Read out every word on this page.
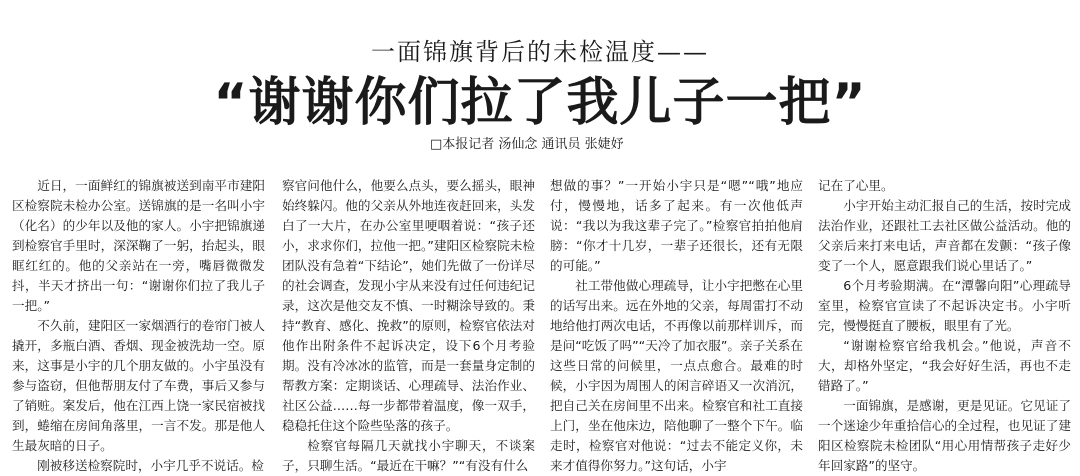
一面锦旗背后的未检温度——
“谢谢你们拉了我儿子一把”
□本报记者 汤仙念 通讯员 张婕妤

近日，一面鲜红的锦旗被送到南平市建阳区检察院未检办公室。送锦旗的是一名叫小宇（化名）的少年以及他的家人。小宇把锦旗递到检察官手里时，深深鞠了一躬，抬起头，眼眶红红的。他的父亲站在一旁，嘴唇微微发抖，半天才挤出一句：“谢谢你们拉了我儿子一把。”

不久前，建阳区一家烟酒行的卷帘门被人撬开，多瓶白酒、香烟、现金被洗劫一空。原来，这事是小宇的几个朋友做的。小宇虽没有参与盗窃，但他帮朋友付了车费，事后又参与了销赃。案发后，他在江西上饶一家民宿被找到，蜷缩在房间角落里，一言不发。那是他人生最灰暗的日子。

刚被移送检察院时，小宇几乎不说话。检

察官问他什么，他要么点头，要么摇头，眼神始终躲闪。他的父亲从外地连夜赶回来，头发白了一大片，在办公室里哽咽着说：“孩子还小，求求你们，拉他一把。”建阳区检察院未检团队没有急着“下结论”，她们先做了一份详尽的社会调查，发现小宇从来没有过任何违纪记录，这次是他交友不慎、一时糊涂导致的。秉持“教育、感化、挽救”的原则，检察官依法对他作出附条件不起诉决定，设下6个月考验期。没有冷冰冰的监管，而是一套量身定制的帮教方案：定期谈话、心理疏导、法治作业、社区公益……每一步都带着温度，像一双手，稳稳托住这个险些坠落的孩子。

检察官每隔几天就找小宇聊天，不谈案子，只聊生活。“最近在干嘛？”“有没有什么

想做的事？”一开始小宇只是“嗯”“哦”地应付，慢慢地，话多了起来。有一次他低声说：“我以为我这辈子完了。”检察官拍拍他肩膀：“你才十几岁，一辈子还很长，还有无限的可能。”

社工带他做心理疏导，让小宇把憋在心里的话写出来。远在外地的父亲，每周雷打不动地给他打两次电话，不再像以前那样训斥，而是问“吃饭了吗”“天冷了加衣服”。亲子关系在这些日常的问候里，一点点愈合。最难的时候，小宇因为周围人的闲言碎语又一次消沉，把自己关在房间里不出来。检察官和社工直接上门，坐在他床边，陪他聊了一整个下午。临走时，检察官对他说：“过去不能定义你，未来才值得你努力。”这句话，小宇

记在了心里。

小宇开始主动汇报自己的生活，按时完成法治作业，还跟社工去社区做公益活动。他的父亲后来打来电话，声音都在发颤：“孩子像变了一个人，愿意跟我们说心里话了。”

6个月考验期满。在“潭馨向阳”心理疏导室里，检察官宣读了不起诉决定书。小宇听完，慢慢挺直了腰板，眼里有了光。

“谢谢检察官给我机会。”他说，声音不大，却格外坚定，“我会好好生活，再也不走错路了。”

一面锦旗，是感谢，更是见证。它见证了一个迷途少年重拾信心的全过程，也见证了建阳区检察院未检团队“用心用情帮孩子走好少年回家路”的坚守。
